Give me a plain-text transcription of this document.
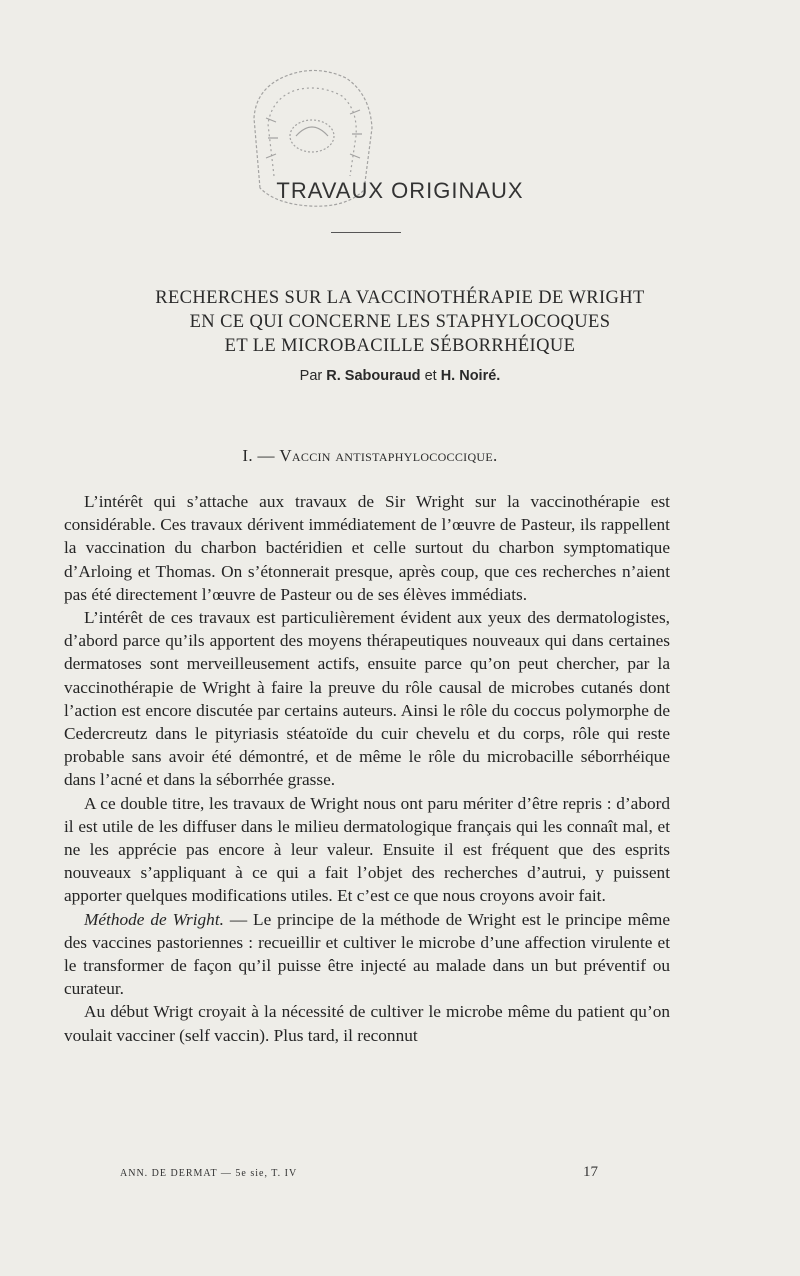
TRAVAUX ORIGINAUX
RECHERCHES SUR LA VACCINOTHÉRAPIE DE WRIGHT
EN CE QUI CONCERNE LES STAPHYLOCOQUES
ET LE MICROBACILLE SÉBORRHÉIQUE
Par R. Sabouraud et H. Noiré.
I. — Vaccin antistaphylococcique.

L’intérêt qui s’attache aux travaux de Sir Wright sur la vaccinothérapie est considérable. Ces travaux dérivent immédiatement de l’œuvre de Pasteur, ils rappellent la vaccination du charbon bactéridien et celle surtout du charbon symptomatique d’Arloing et Thomas. On s’étonnerait presque, après coup, que ces recherches n’aient pas été directement l’œuvre de Pasteur ou de ses élèves immédiats.

L’intérêt de ces travaux est particulièrement évident aux yeux des dermatologistes, d’abord parce qu’ils apportent des moyens thérapeutiques nouveaux qui dans certaines dermatoses sont merveilleusement actifs, ensuite parce qu’on peut chercher, par la vaccinothérapie de Wright à faire la preuve du rôle causal de microbes cutanés dont l’action est encore discutée par certains auteurs. Ainsi le rôle du coccus polymorphe de Cedercreutz dans le pityriasis stéatoïde du cuir chevelu et du corps, rôle qui reste probable sans avoir été démontré, et de même le rôle du microbacille séborrhéique dans l’acné et dans la séborrhée grasse.

A ce double titre, les travaux de Wright nous ont paru mériter d’être repris : d’abord il est utile de les diffuser dans le milieu dermatologique français qui les connaît mal, et ne les apprécie pas encore à leur valeur. Ensuite il est fréquent que des esprits nouveaux s’appliquant à ce qui a fait l’objet des recherches d’autrui, y puissent apporter quelques modifications utiles. Et c’est ce que nous croyons avoir fait.

Méthode de Wright. — Le principe de la méthode de Wright est le principe même des vaccines pastoriennes : recueillir et cultiver le microbe d’une affection virulente et le transformer de façon qu’il puisse être injecté au malade dans un but préventif ou curateur.

Au début Wrigt croyait à la nécessité de cultiver le microbe même du patient qu’on voulait vacciner (self vaccin). Plus tard, il reconnut

ANN. DE DERMAT — 5e sie, T. IV	17
